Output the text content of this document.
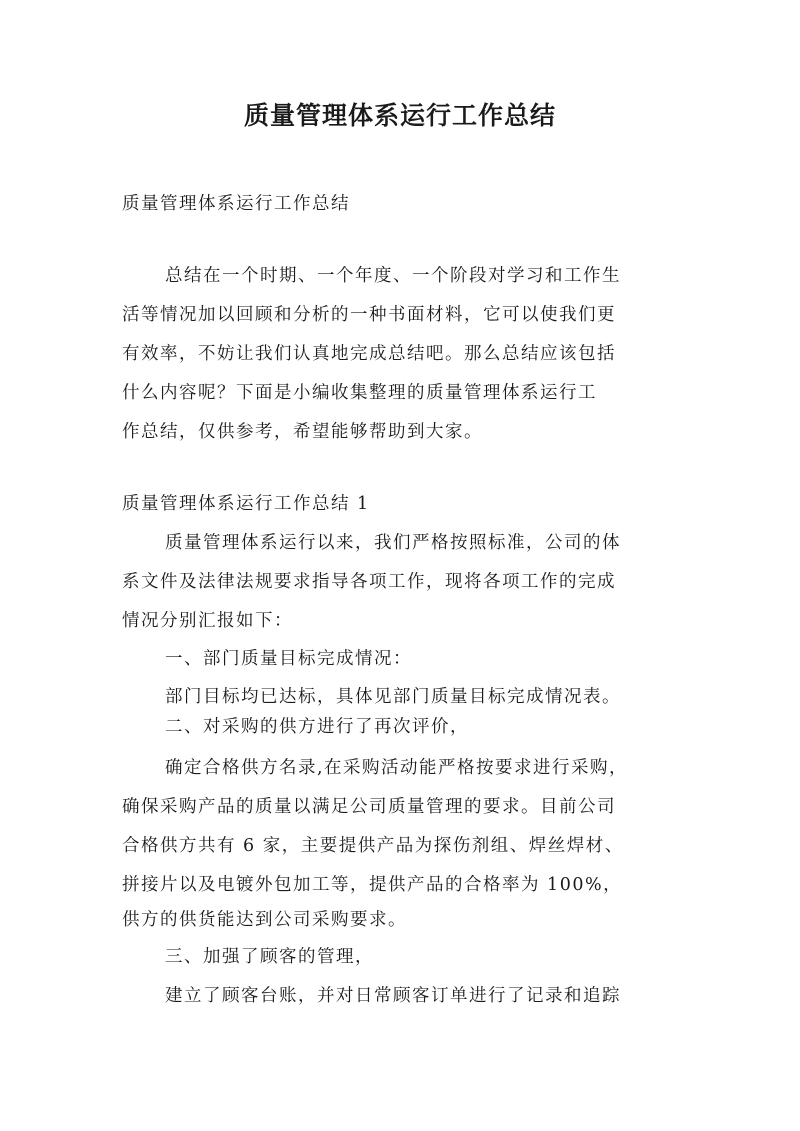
质量管理体系运行工作总结
质量管理体系运行工作总结
总结在一个时期、一个年度、一个阶段对学习和工作生
活等情况加以回顾和分析的一种书面材料，它可以使我们更
有效率，不妨让我们认真地完成总结吧。那么总结应该包括
什么内容呢？下面是小编收集整理的质量管理体系运行工
作总结，仅供参考，希望能够帮助到大家。
质量管理体系运行工作总结 1
质量管理体系运行以来，我们严格按照标准，公司的体
系文件及法律法规要求指导各项工作，现将各项工作的完成
情况分别汇报如下：
一、部门质量目标完成情况：
部门目标均已达标，具体见部门质量目标完成情况表。
二、对采购的供方进行了再次评价，
确定合格供方名录,在采购活动能严格按要求进行采购，
确保采购产品的质量以满足公司质量管理的要求。目前公司
合格供方共有 6 家，主要提供产品为探伤剂组、焊丝焊材、
拼接片以及电镀外包加工等，提供产品的合格率为 100%，
供方的供货能达到公司采购要求。
三、加强了顾客的管理，
建立了顾客台账，并对日常顾客订单进行了记录和追踪
